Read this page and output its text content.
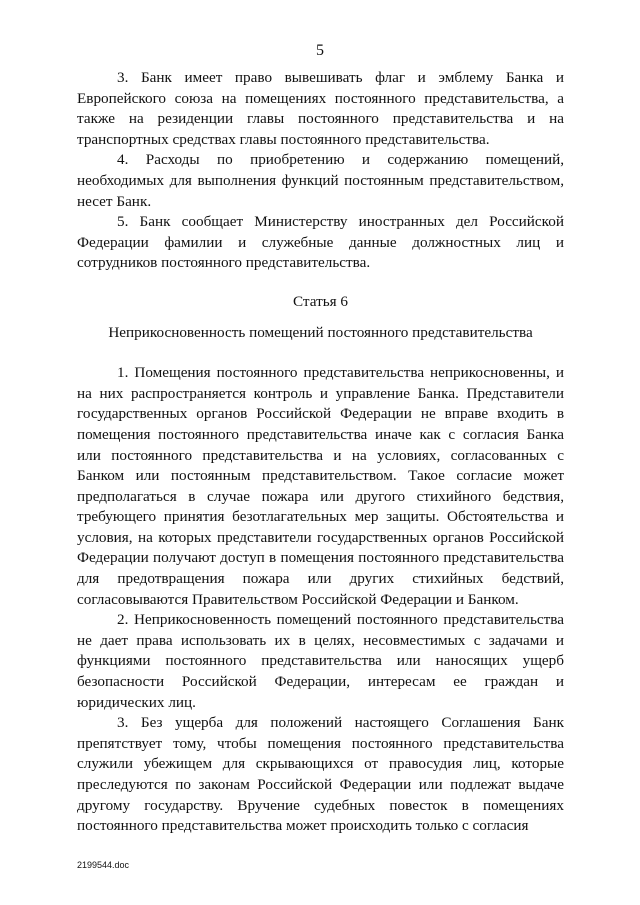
5

3. Банк имеет право вывешивать флаг и эмблему Банка и Европейского союза на помещениях постоянного представительства, а также на резиденции главы постоянного представительства и на транспортных средствах главы постоянного представительства.

4. Расходы по приобретению и содержанию помещений, необходимых для выполнения функций постоянным представительством, несет Банк.

5. Банк сообщает Министерству иностранных дел Российской Федерации фамилии и служебные данные должностных лиц и сотрудников постоянного представительства.

Статья 6
Неприкосновенность помещений постоянного представительства

1. Помещения постоянного представительства неприкосновенны, и на них распространяется контроль и управление Банка. Представители государственных органов Российской Федерации не вправе входить в помещения постоянного представительства иначе как с согласия Банка или постоянного представительства и на условиях, согласованных с Банком или постоянным представительством. Такое согласие может предполагаться в случае пожара или другого стихийного бедствия, требующего принятия безотлагательных мер защиты. Обстоятельства и условия, на которых представители государственных органов Российской Федерации получают доступ в помещения постоянного представительства для предотвращения пожара или других стихийных бедствий, согласовываются Правительством Российской Федерации и Банком.

2. Неприкосновенность помещений постоянного представительства не дает права использовать их в целях, несовместимых с задачами и функциями постоянного представительства или наносящих ущерб безопасности Российской Федерации, интересам ее граждан и юридических лиц.

3. Без ущерба для положений настоящего Соглашения Банк препятствует тому, чтобы помещения постоянного представительства служили убежищем для скрывающихся от правосудия лиц, которые преследуются по законам Российской Федерации или подлежат выдаче другому государству. Вручение судебных повесток в помещениях постоянного представительства может происходить только с согласия

2199544.doc
